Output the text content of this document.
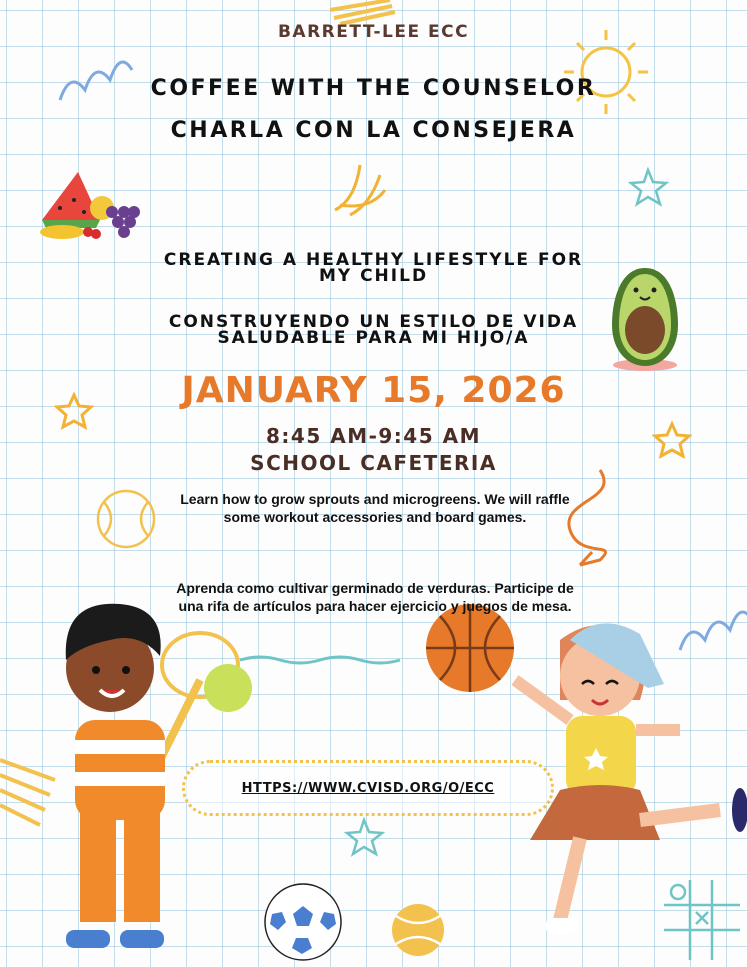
BARRETT-LEE ECC
COFFEE WITH THE COUNSELOR
CHARLA CON LA CONSEJERA
CREATING A HEALTHY LIFESTYLE FOR MY CHILD
CONSTRUYENDO UN ESTILO DE VIDA SALUDABLE PARA MI HIJO/A
JANUARY 15, 2026
8:45 AM-9:45 AM
SCHOOL CAFETERIA
Learn how to grow sprouts and microgreens. We will raffle some workout accessories and board games.
Aprenda como cultivar germinado de verduras. Participe de una rifa de artículos para hacer ejercicio y juegos de mesa.
HTTPS://WWW.CVISD.ORG/O/ECC
